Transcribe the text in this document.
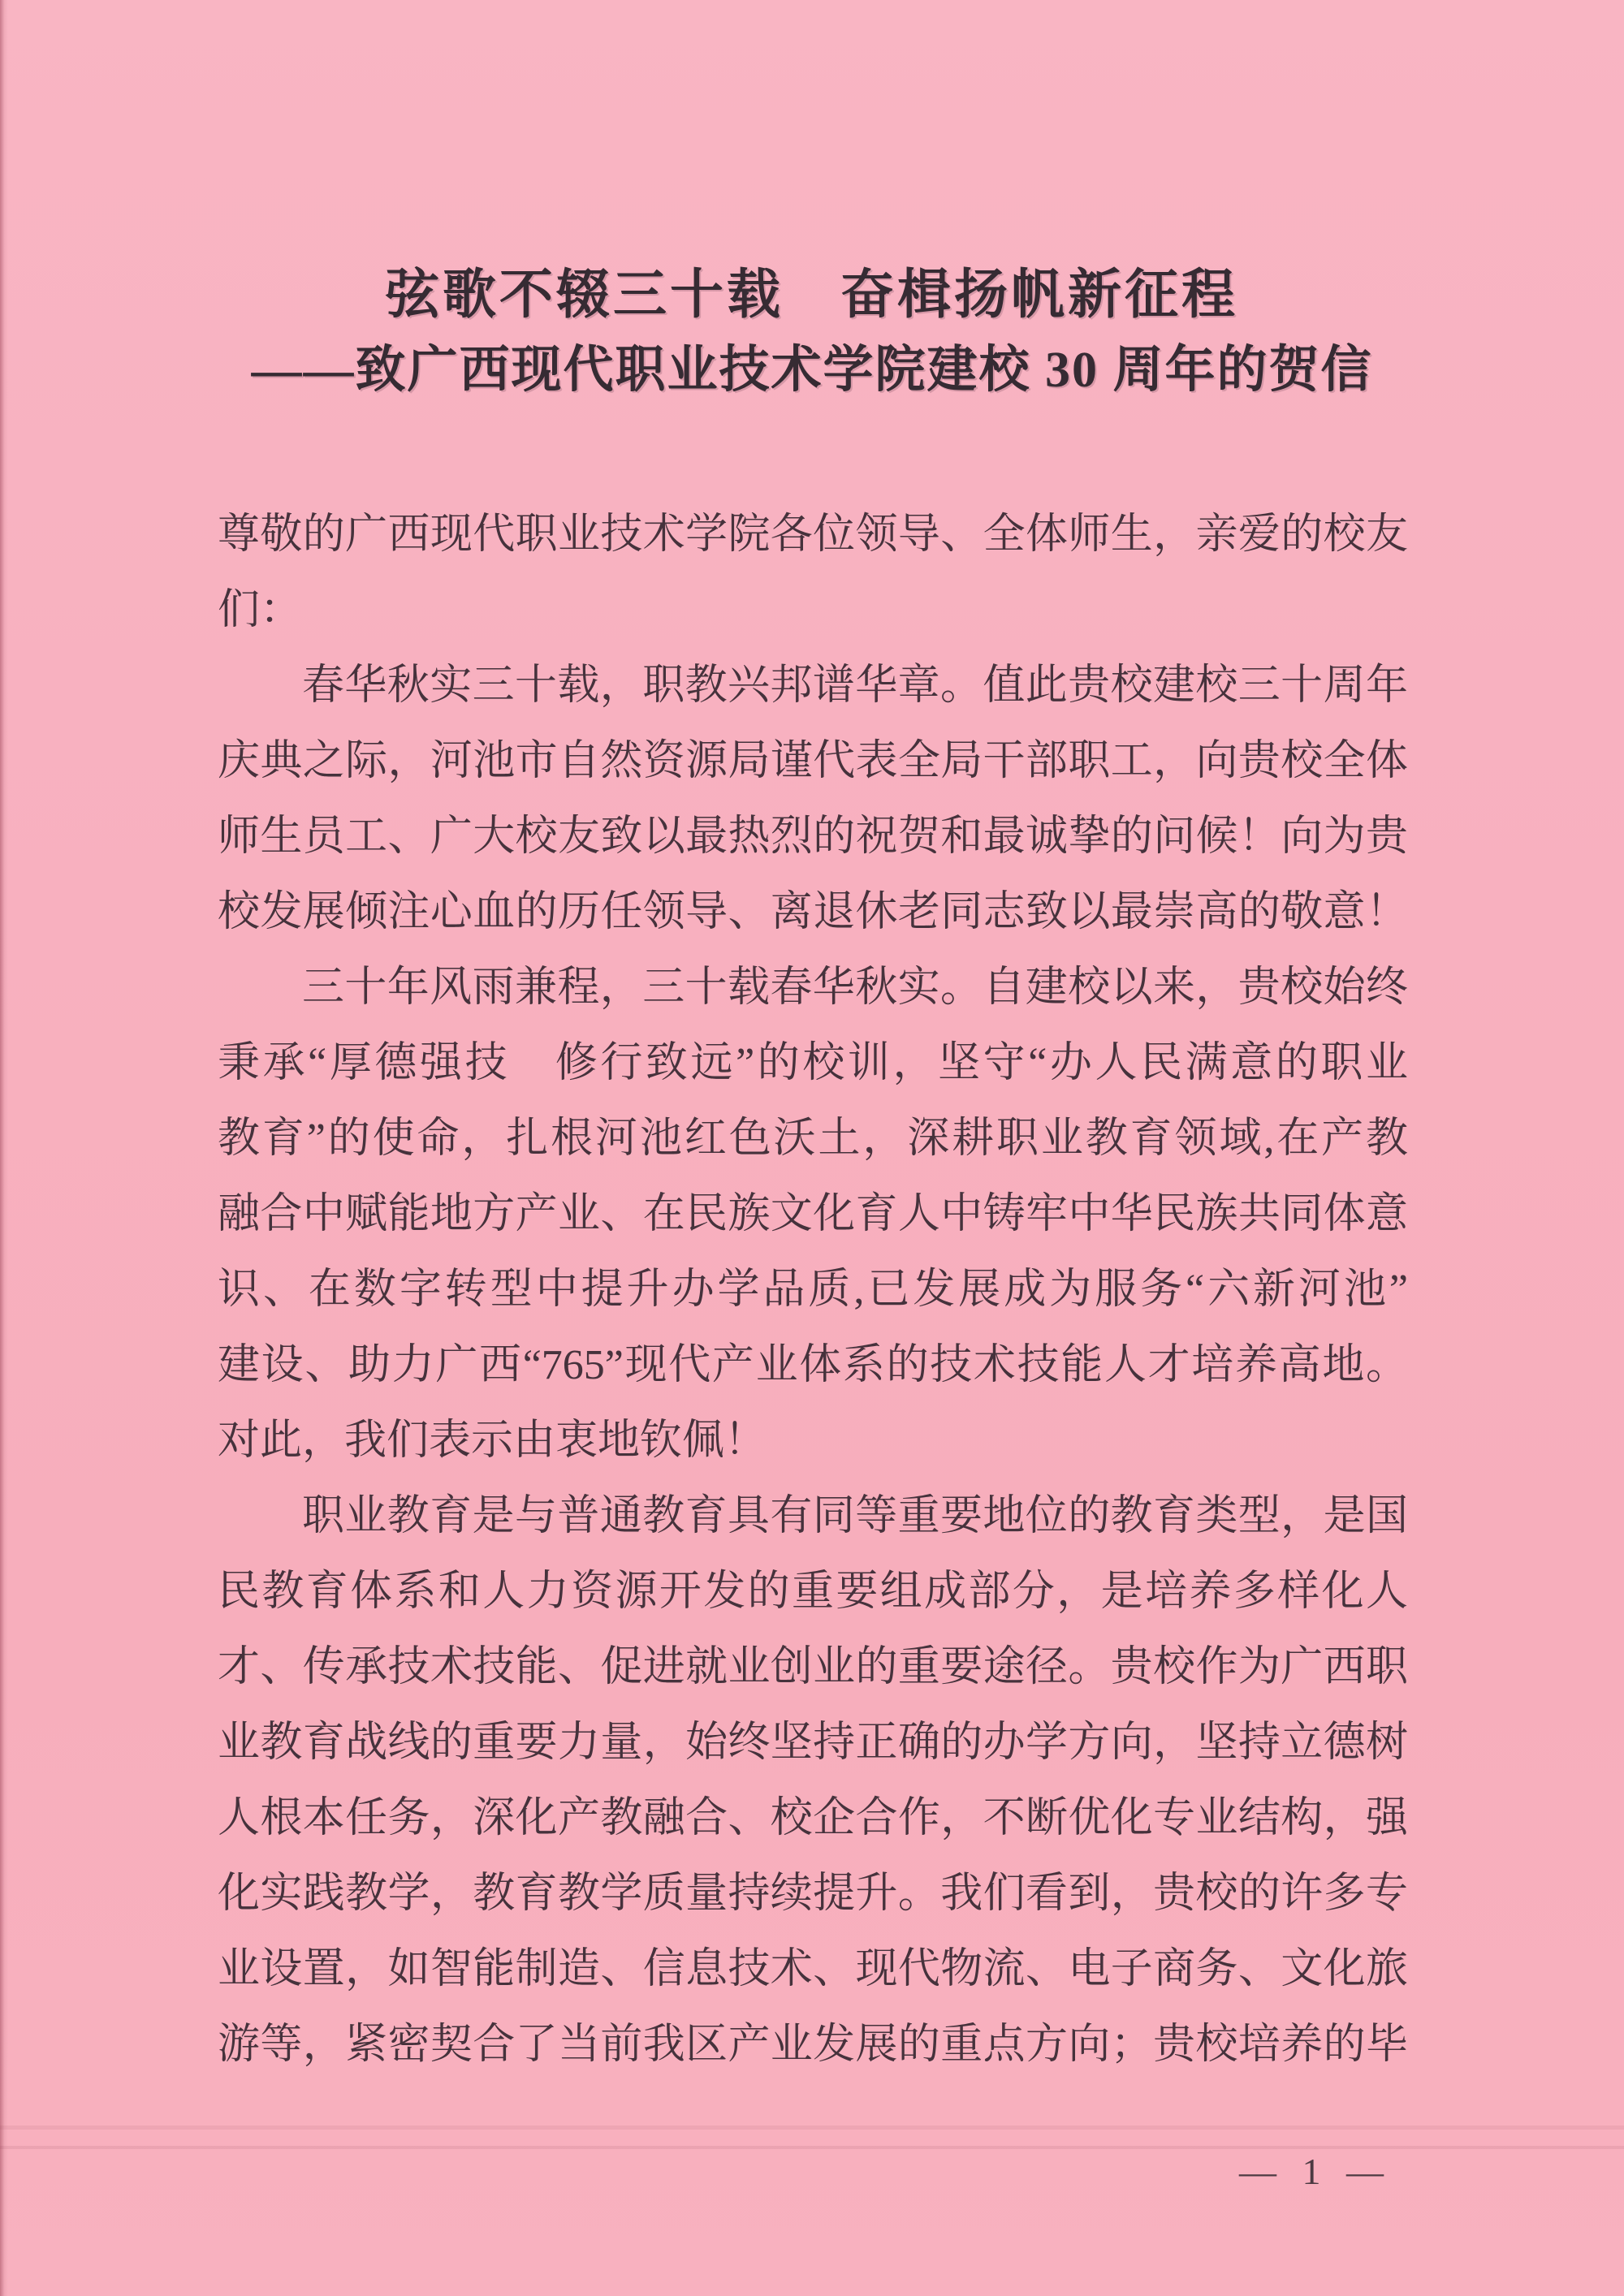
弦歌不辍三十载　奋楫扬帆新征程
——致广西现代职业技术学院建校 30 周年的贺信
尊敬的广西现代职业技术学院各位领导、全体师生，亲爱的校友
们：
春华秋实三十载，职教兴邦谱华章。值此贵校建校三十周年
庆典之际，河池市自然资源局谨代表全局干部职工，向贵校全体
师生员工、广大校友致以最热烈的祝贺和最诚挚的问候！向为贵
校发展倾注心血的历任领导、离退休老同志致以最崇高的敬意！
三十年风雨兼程，三十载春华秋实。自建校以来，贵校始终
秉承“厚德强技　修行致远”的校训，坚守“办人民满意的职业
教育”的使命，扎根河池红色沃土，深耕职业教育领域,在产教
融合中赋能地方产业、在民族文化育人中铸牢中华民族共同体意
识、在数字转型中提升办学品质,已发展成为服务“六新河池”
建设、助力广西“765”现代产业体系的技术技能人才培养高地。
对此，我们表示由衷地钦佩！
职业教育是与普通教育具有同等重要地位的教育类型，是国
民教育体系和人力资源开发的重要组成部分，是培养多样化人
才、传承技术技能、促进就业创业的重要途径。贵校作为广西职
业教育战线的重要力量，始终坚持正确的办学方向，坚持立德树
人根本任务，深化产教融合、校企合作，不断优化专业结构，强
化实践教学，教育教学质量持续提升。我们看到，贵校的许多专
业设置，如智能制造、信息技术、现代物流、电子商务、文化旅
游等，紧密契合了当前我区产业发展的重点方向；贵校培养的毕
— 1 —
